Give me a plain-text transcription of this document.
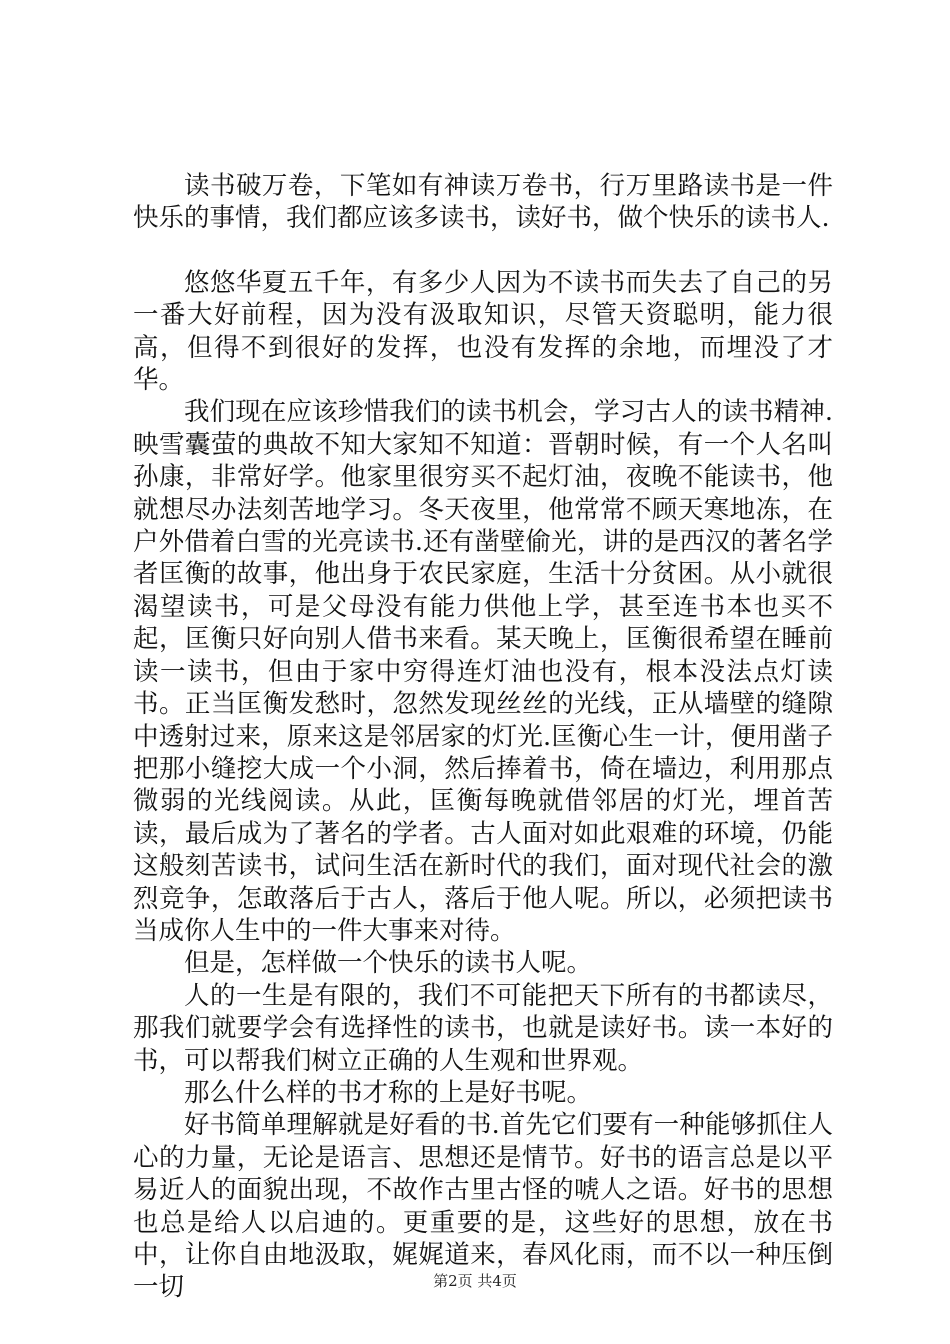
读书破万卷，下笔如有神读万卷书，行万里路读书是一件快乐的事情，我们都应该多读书，读好书，做个快乐的读书人.

悠悠华夏五千年，有多少人因为不读书而失去了自己的另一番大好前程，因为没有汲取知识，尽管天资聪明，能力很高，但得不到很好的发挥，也没有发挥的余地，而埋没了才华。

我们现在应该珍惜我们的读书机会，学习古人的读书精神.映雪囊萤的典故不知大家知不知道：晋朝时候，有一个人名叫孙康，非常好学。他家里很穷买不起灯油，夜晚不能读书，他就想尽办法刻苦地学习。冬天夜里，他常常不顾天寒地冻，在户外借着白雪的光亮读书.还有凿壁偷光，讲的是西汉的著名学者匡衡的故事，他出身于农民家庭，生活十分贫困。从小就很渴望读书，可是父母没有能力供他上学，甚至连书本也买不起，匡衡只好向别人借书来看。某天晚上，匡衡很希望在睡前读一读书，但由于家中穷得连灯油也没有，根本没法点灯读书。正当匡衡发愁时，忽然发现丝丝的光线，正从墙壁的缝隙中透射过来，原来这是邻居家的灯光.匡衡心生一计，便用凿子把那小缝挖大成一个小洞，然后捧着书，倚在墙边，利用那点微弱的光线阅读。从此，匡衡每晚就借邻居的灯光，埋首苦读，最后成为了著名的学者。古人面对如此艰难的环境，仍能这般刻苦读书，试问生活在新时代的我们，面对现代社会的激烈竞争，怎敢落后于古人，落后于他人呢。所以，必须把读书当成你人生中的一件大事来对待。

但是，怎样做一个快乐的读书人呢。

人的一生是有限的，我们不可能把天下所有的书都读尽，那我们就要学会有选择性的读书，也就是读好书。读一本好的书，可以帮我们树立正确的人生观和世界观。

那么什么样的书才称的上是好书呢。

好书简单理解就是好看的书.首先它们要有一种能够抓住人心的力量，无论是语言、思想还是情节。好书的语言总是以平易近人的面貌出现，不故作古里古怪的唬人之语。好书的思想也总是给人以启迪的。更重要的是，这些好的思想，放在书中，让你自由地汲取，娓娓道来，春风化雨，而不以一种压倒一切	第2页 共4页
